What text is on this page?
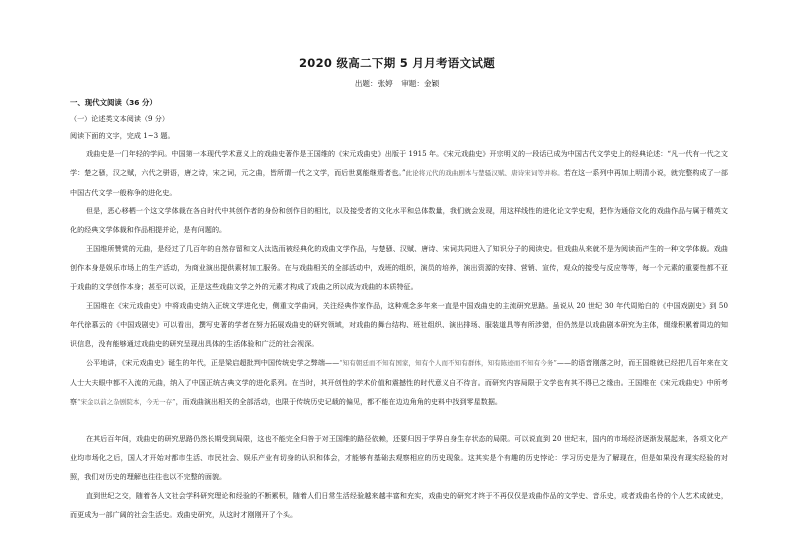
2020 级高二下期 5 月月考语文试题
出题：张婷 审题：金颖
一、现代文阅读（36 分）
（一）论述类文本阅读（9 分）
阅读下面的文字，完成 1~3 题。
戏曲史是一门年轻的学问。中国第一本现代学术意义上的戏曲史著作是王国维的《宋元戏曲史》出版于 1915 年。《宋元戏曲史》开宗明义的一段话已成为中国古代文学史上的经典论述：“凡一代有一代之文学：楚之骚，汉之赋，六代之骈语，唐之诗，宋之词，元之曲，皆所谓一代之文学，而后世莫能继焉者也。”此论将元代的戏曲剧本与楚骚汉赋、唐诗宋词等并称。若在这一系列中再加上明清小说，就完整构成了一部中国古代文学一般称争的进化史。
但是，恶心移栖一个这文学体裁在各自时代中其创作者的身份和创作目的相比，以及接受者的文化水平和总体数量，我们就会发现，用这样线性的进化论文学史观，把作为通俗文化的戏曲作品与属于精英文化的经典文学体裁和作品相提并论，是有问题的。
王国维所赞赏的元曲，是经过了几百年的自然存留和文人汰选而被经典化的戏曲文学作品，与楚骚、汉赋、唐诗、宋词共同进入了知识分子的阅读史。但戏曲从来就不是为阅读而产生的一种文学体裁。戏曲创作本身是娱乐市场上的生产活动，为商业演出提供素材加工服务。在与戏曲相关的全部活动中，戏班的组织，演员的培养，演出资源的安排、营销、宣传，观众的接受与反应等等，每一个元素的重要性都不亚于戏曲的文学创作本身；甚至可以说，正是这些戏曲文学之外的元素才构成了戏曲之所以成为戏曲的本质特征。
王国维在《宋元戏曲史》中将戏曲史纳入正统文学进化史，侧重文学曲词，关注经典作家作品，这种观念多年来一直是中国戏曲史的主流研究思路。虽说从 20 世纪 30 年代周贻白的《中国戏剧史》到 50 年代徐慕云的《中国戏剧史》可以看出，撰写史著的学者在努力拓展戏曲史的研究领域，对戏曲的舞台结构、班社组织、演出排场、服装道具等有所涉猎，但仍然是以戏曲剧本研究为主体，缀缘积累着周边的知识信息，没有能够通过戏曲史的研究呈现出具体的生活体验和广泛的社会视深。
公平地讲，《宋元戏曲史》诞生的年代，正是梁启超批判中国传统史学之弊端——“知有朝廷而不知有国家，知有个人而不知有群体，知有陈迹而不知有今务”——的语音刚落之时，而王国维就已经把几百年来在文人士大夫眼中都不入流的元曲，纳入了中国正统古典文学的进化系列。在当时，其开创性的学术价值和震撼性的时代意义自不待言。而研究内容局限于文学也有其不得已之缘由。王国维在《宋元戏曲史》中所考察“宋金以前之杂剧院本，今无一存”，而戏曲演出相关的全部活动，也限于传统历史记载的偏见，都不能在边边角角的史料中找到零星数据。
在其后百年间，戏曲史的研究思路仍然长期受到局限，这也不能完全归咎于对王国维的路径依赖，还要归因于学界自身生存状态的局限。可以说直到 20 世纪末，国内的市场经济逐渐发展起来，各项文化产业均市场化之后，国人才开始对都市生活、市民社会、娱乐产业有切身的认识和体会，才能够有基础去观察相应的历史现象。这其实是个有趣的历史悖论：学习历史是为了解现在，但是如果没有现实经验的对照，我们对历史的理解也往往也以不完整的面貌。
直到世纪之交，随着各人文社会学科研究理论和经验的不断累积，随着人们日常生活经验越来越丰富和充实，戏曲史的研究才终于不再仅仅是戏曲作品的文学史、音乐史，或者戏曲名伶的个人艺术成就史，而更成为一部广阔的社会生活史。戏曲史研究，从这时才刚刚开了个头。
